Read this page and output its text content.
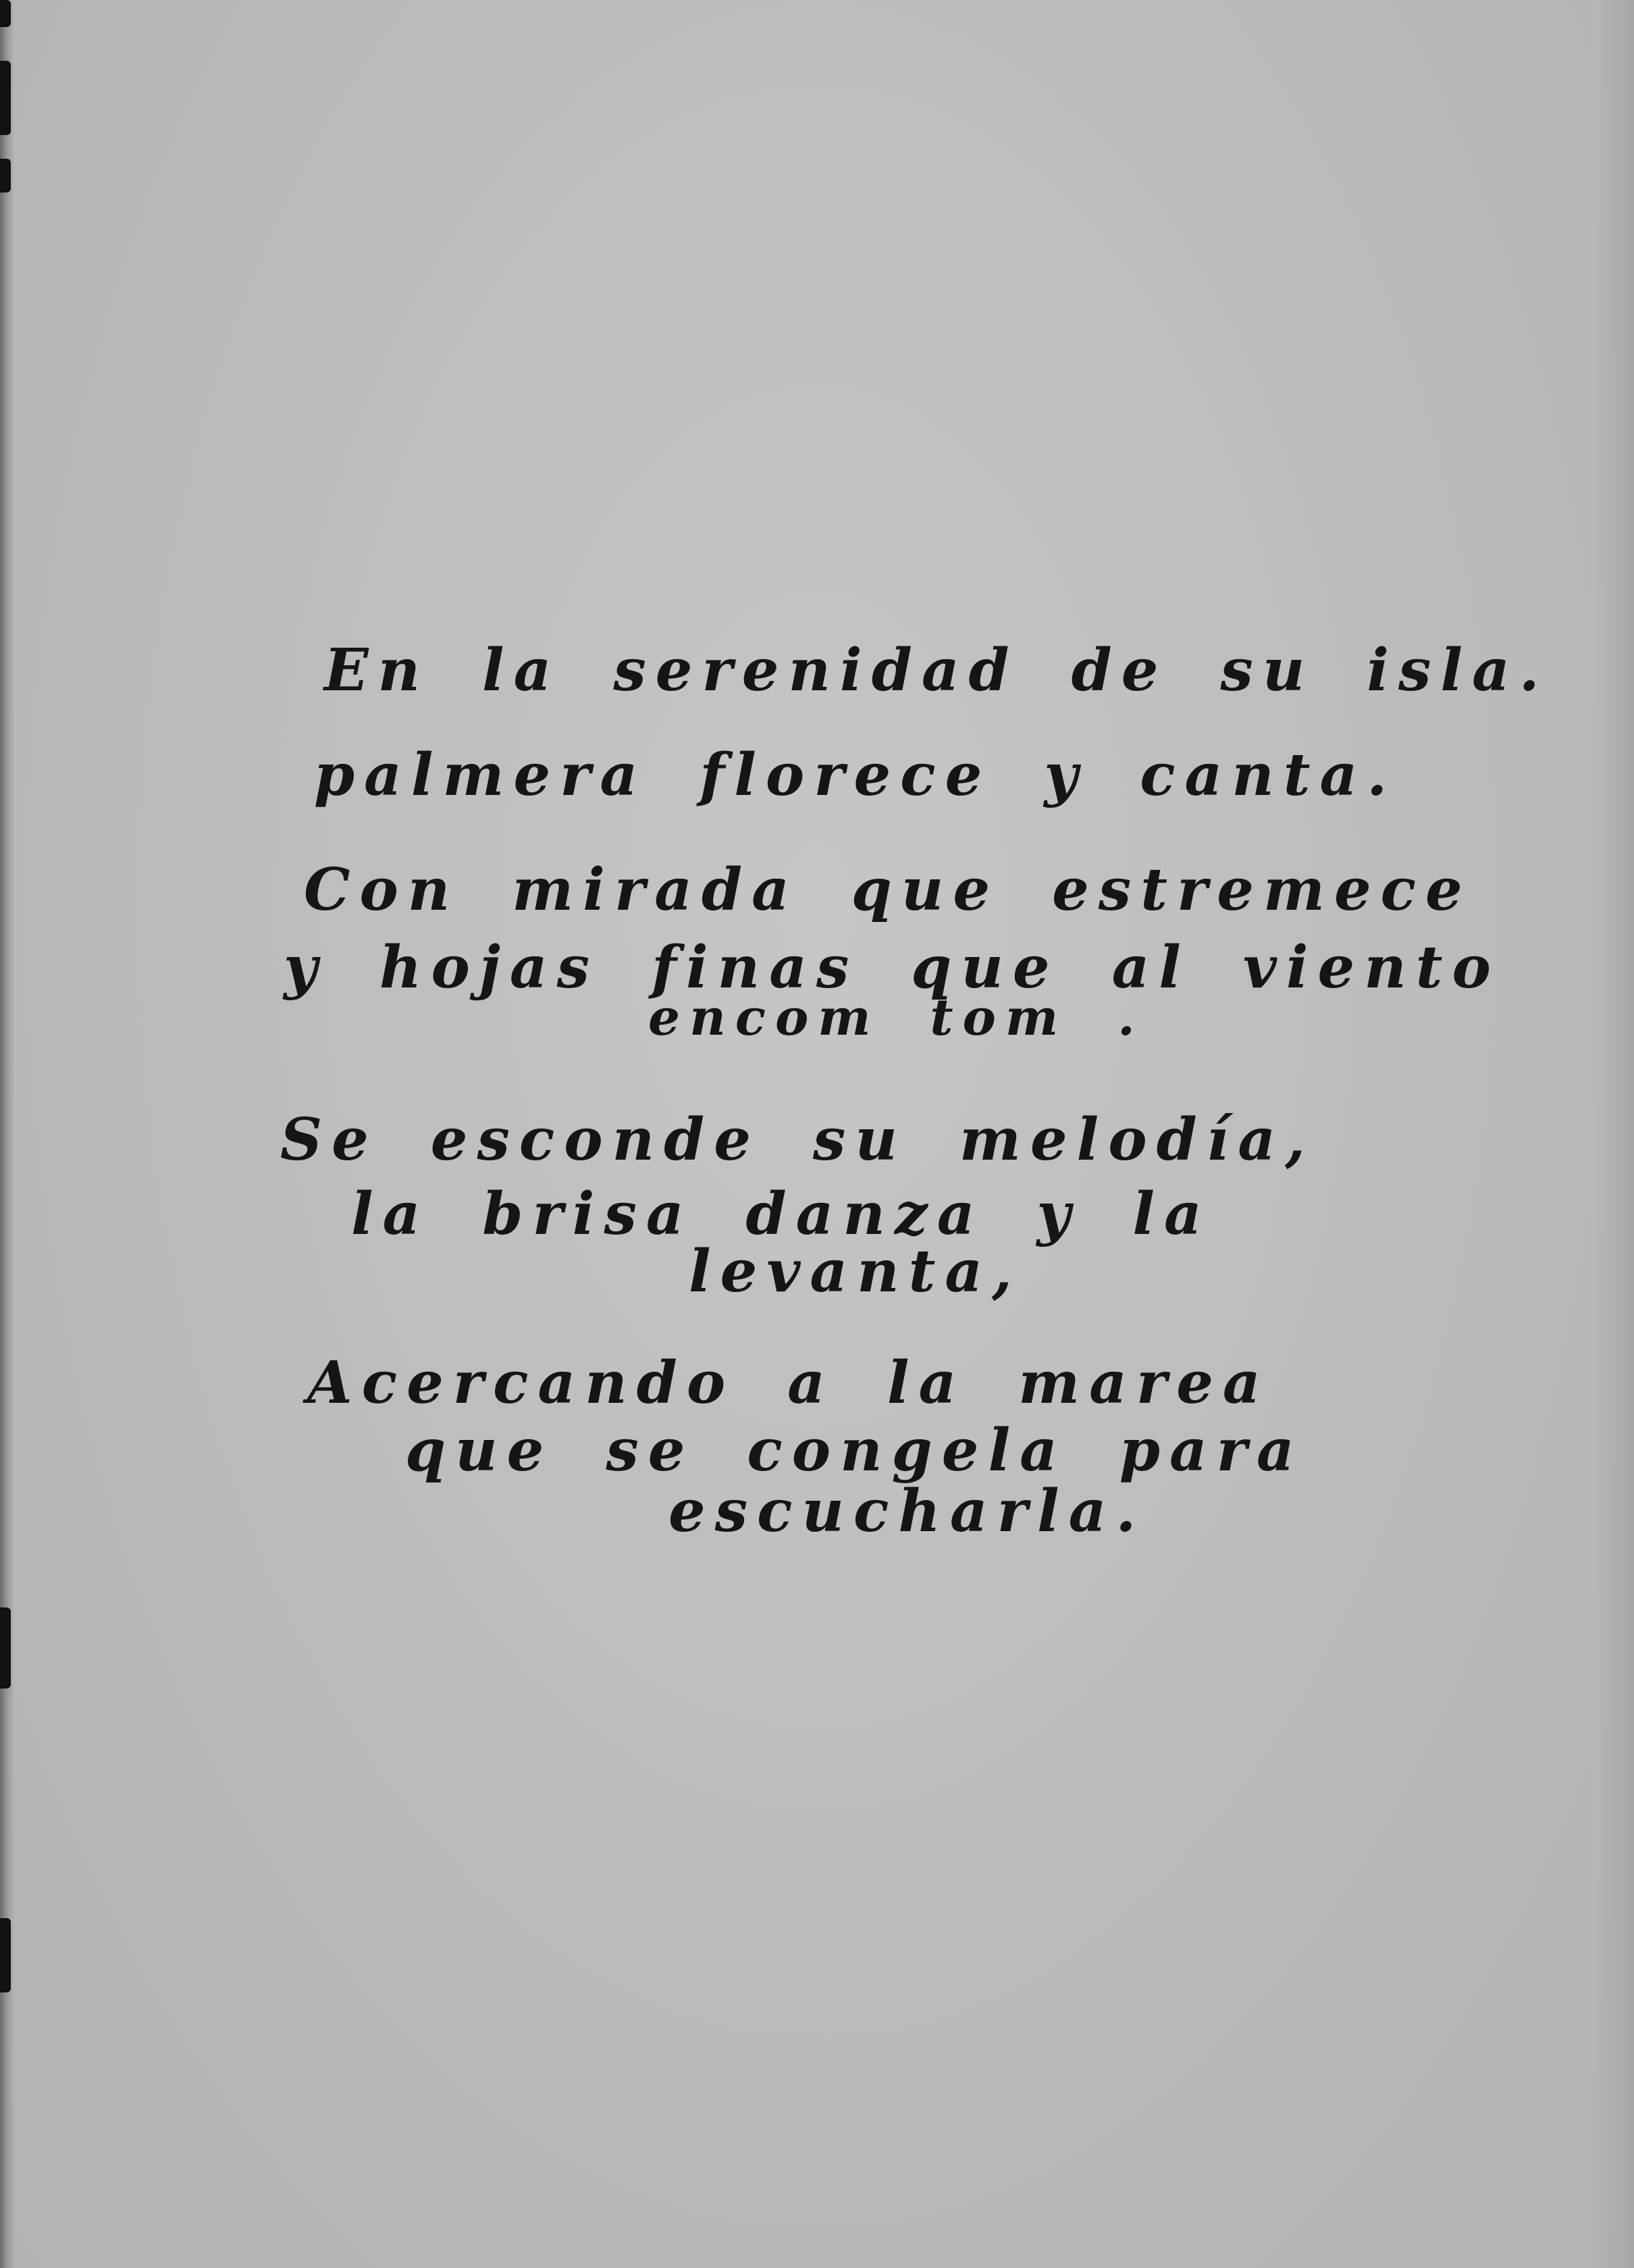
En la serenidad de su isla.

palmera florece y canta.

Con mirada que estremece

y hojas finas que al viento

encom tom .

Se esconde su melodía,

la brisa danza y la

levanta,

Acercando a la marea

que se congela para

escucharla.
